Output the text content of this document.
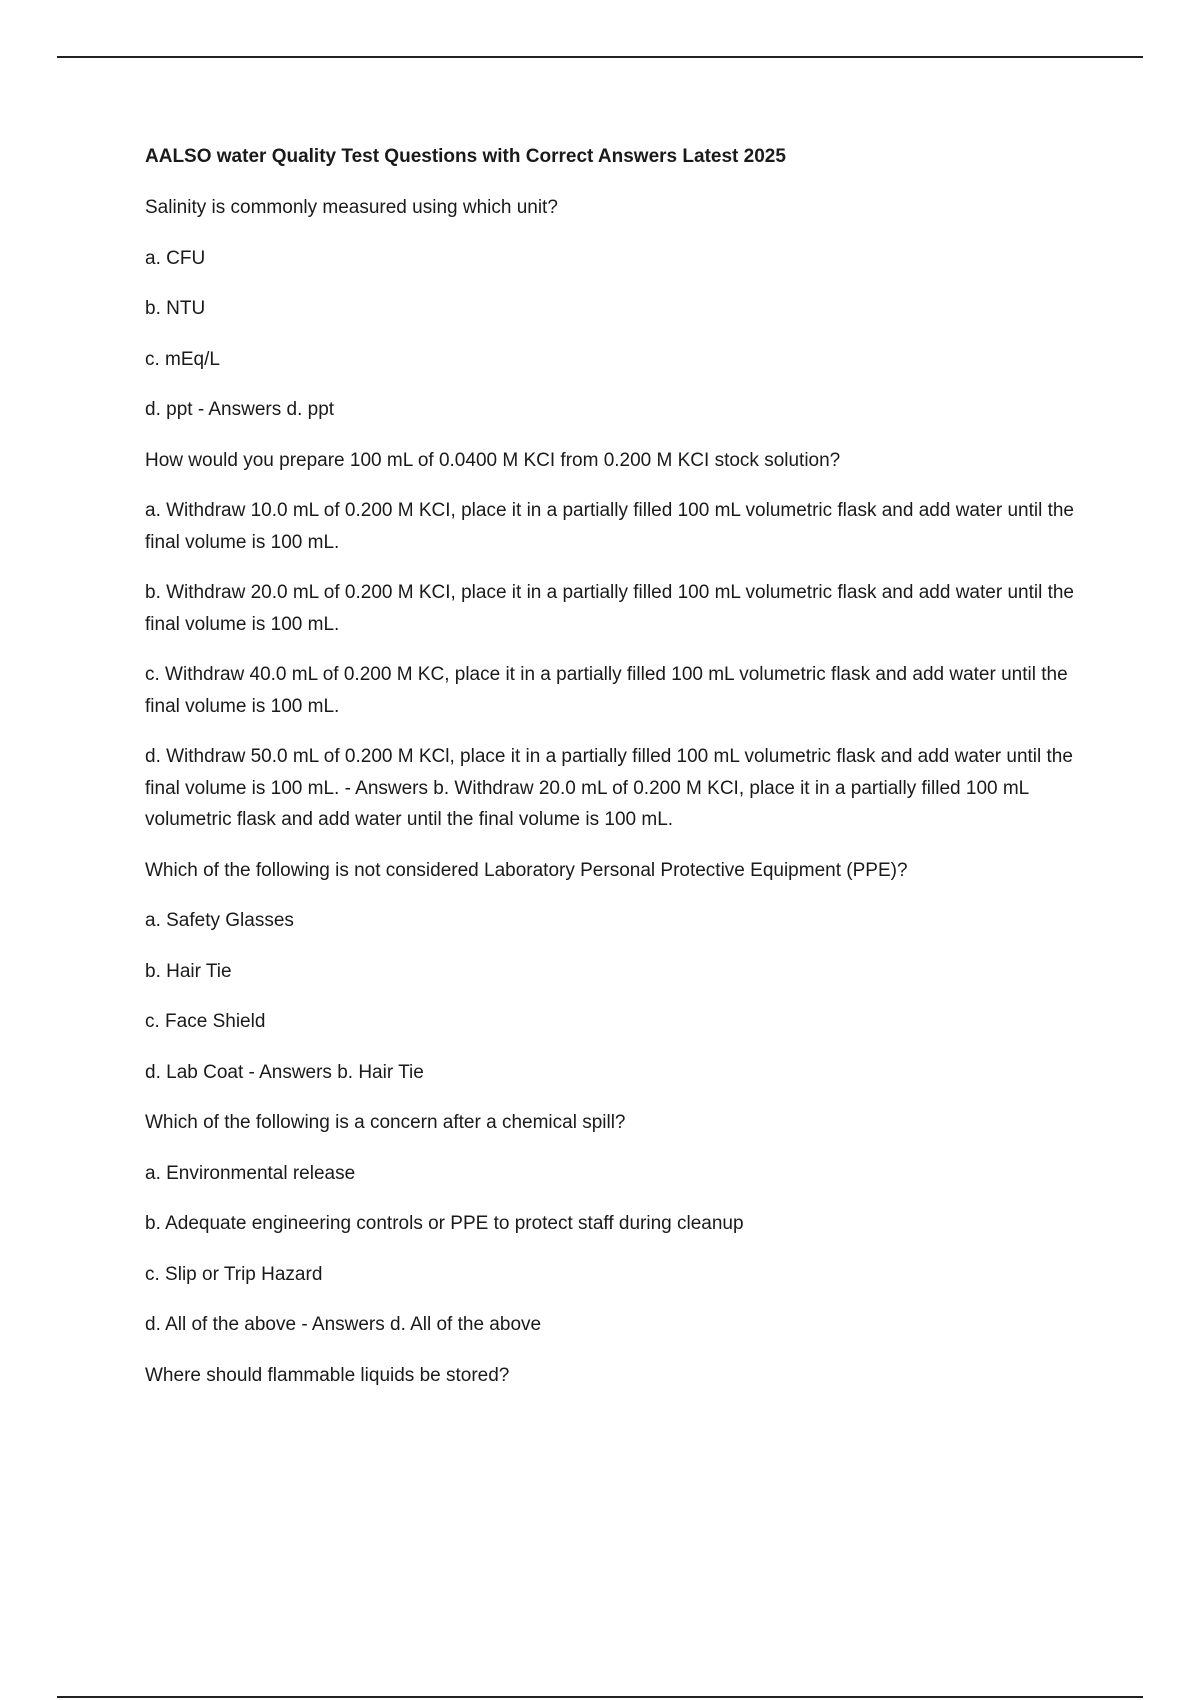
AALSO water Quality Test Questions with Correct Answers Latest 2025

Salinity is commonly measured using which unit?

a. CFU

b. NTU

c. mEq/L

d. ppt - Answers d. ppt

How would you prepare 100 mL of 0.0400 M KCI from 0.200 M KCI stock solution?

a. Withdraw 10.0 mL of 0.200 M KCI, place it in a partially filled 100 mL volumetric flask and add water until the final volume is 100 mL.

b. Withdraw 20.0 mL of 0.200 M KCI, place it in a partially filled 100 mL volumetric flask and add water until the final volume is 100 mL.

c. Withdraw 40.0 mL of 0.200 M KC, place it in a partially filled 100 mL volumetric flask and add water until the final volume is 100 mL.

d. Withdraw 50.0 mL of 0.200 M KCl, place it in a partially filled 100 mL volumetric flask and add water until the final volume is 100 mL. - Answers b. Withdraw 20.0 mL of 0.200 M KCI, place it in a partially filled 100 mL volumetric flask and add water until the final volume is 100 mL.

Which of the following is not considered Laboratory Personal Protective Equipment (PPE)?

a. Safety Glasses

b. Hair Tie

c. Face Shield

d. Lab Coat - Answers b. Hair Tie

Which of the following is a concern after a chemical spill?

a. Environmental release

b. Adequate engineering controls or PPE to protect staff during cleanup

c. Slip or Trip Hazard

d. All of the above - Answers d. All of the above

Where should flammable liquids be stored?
